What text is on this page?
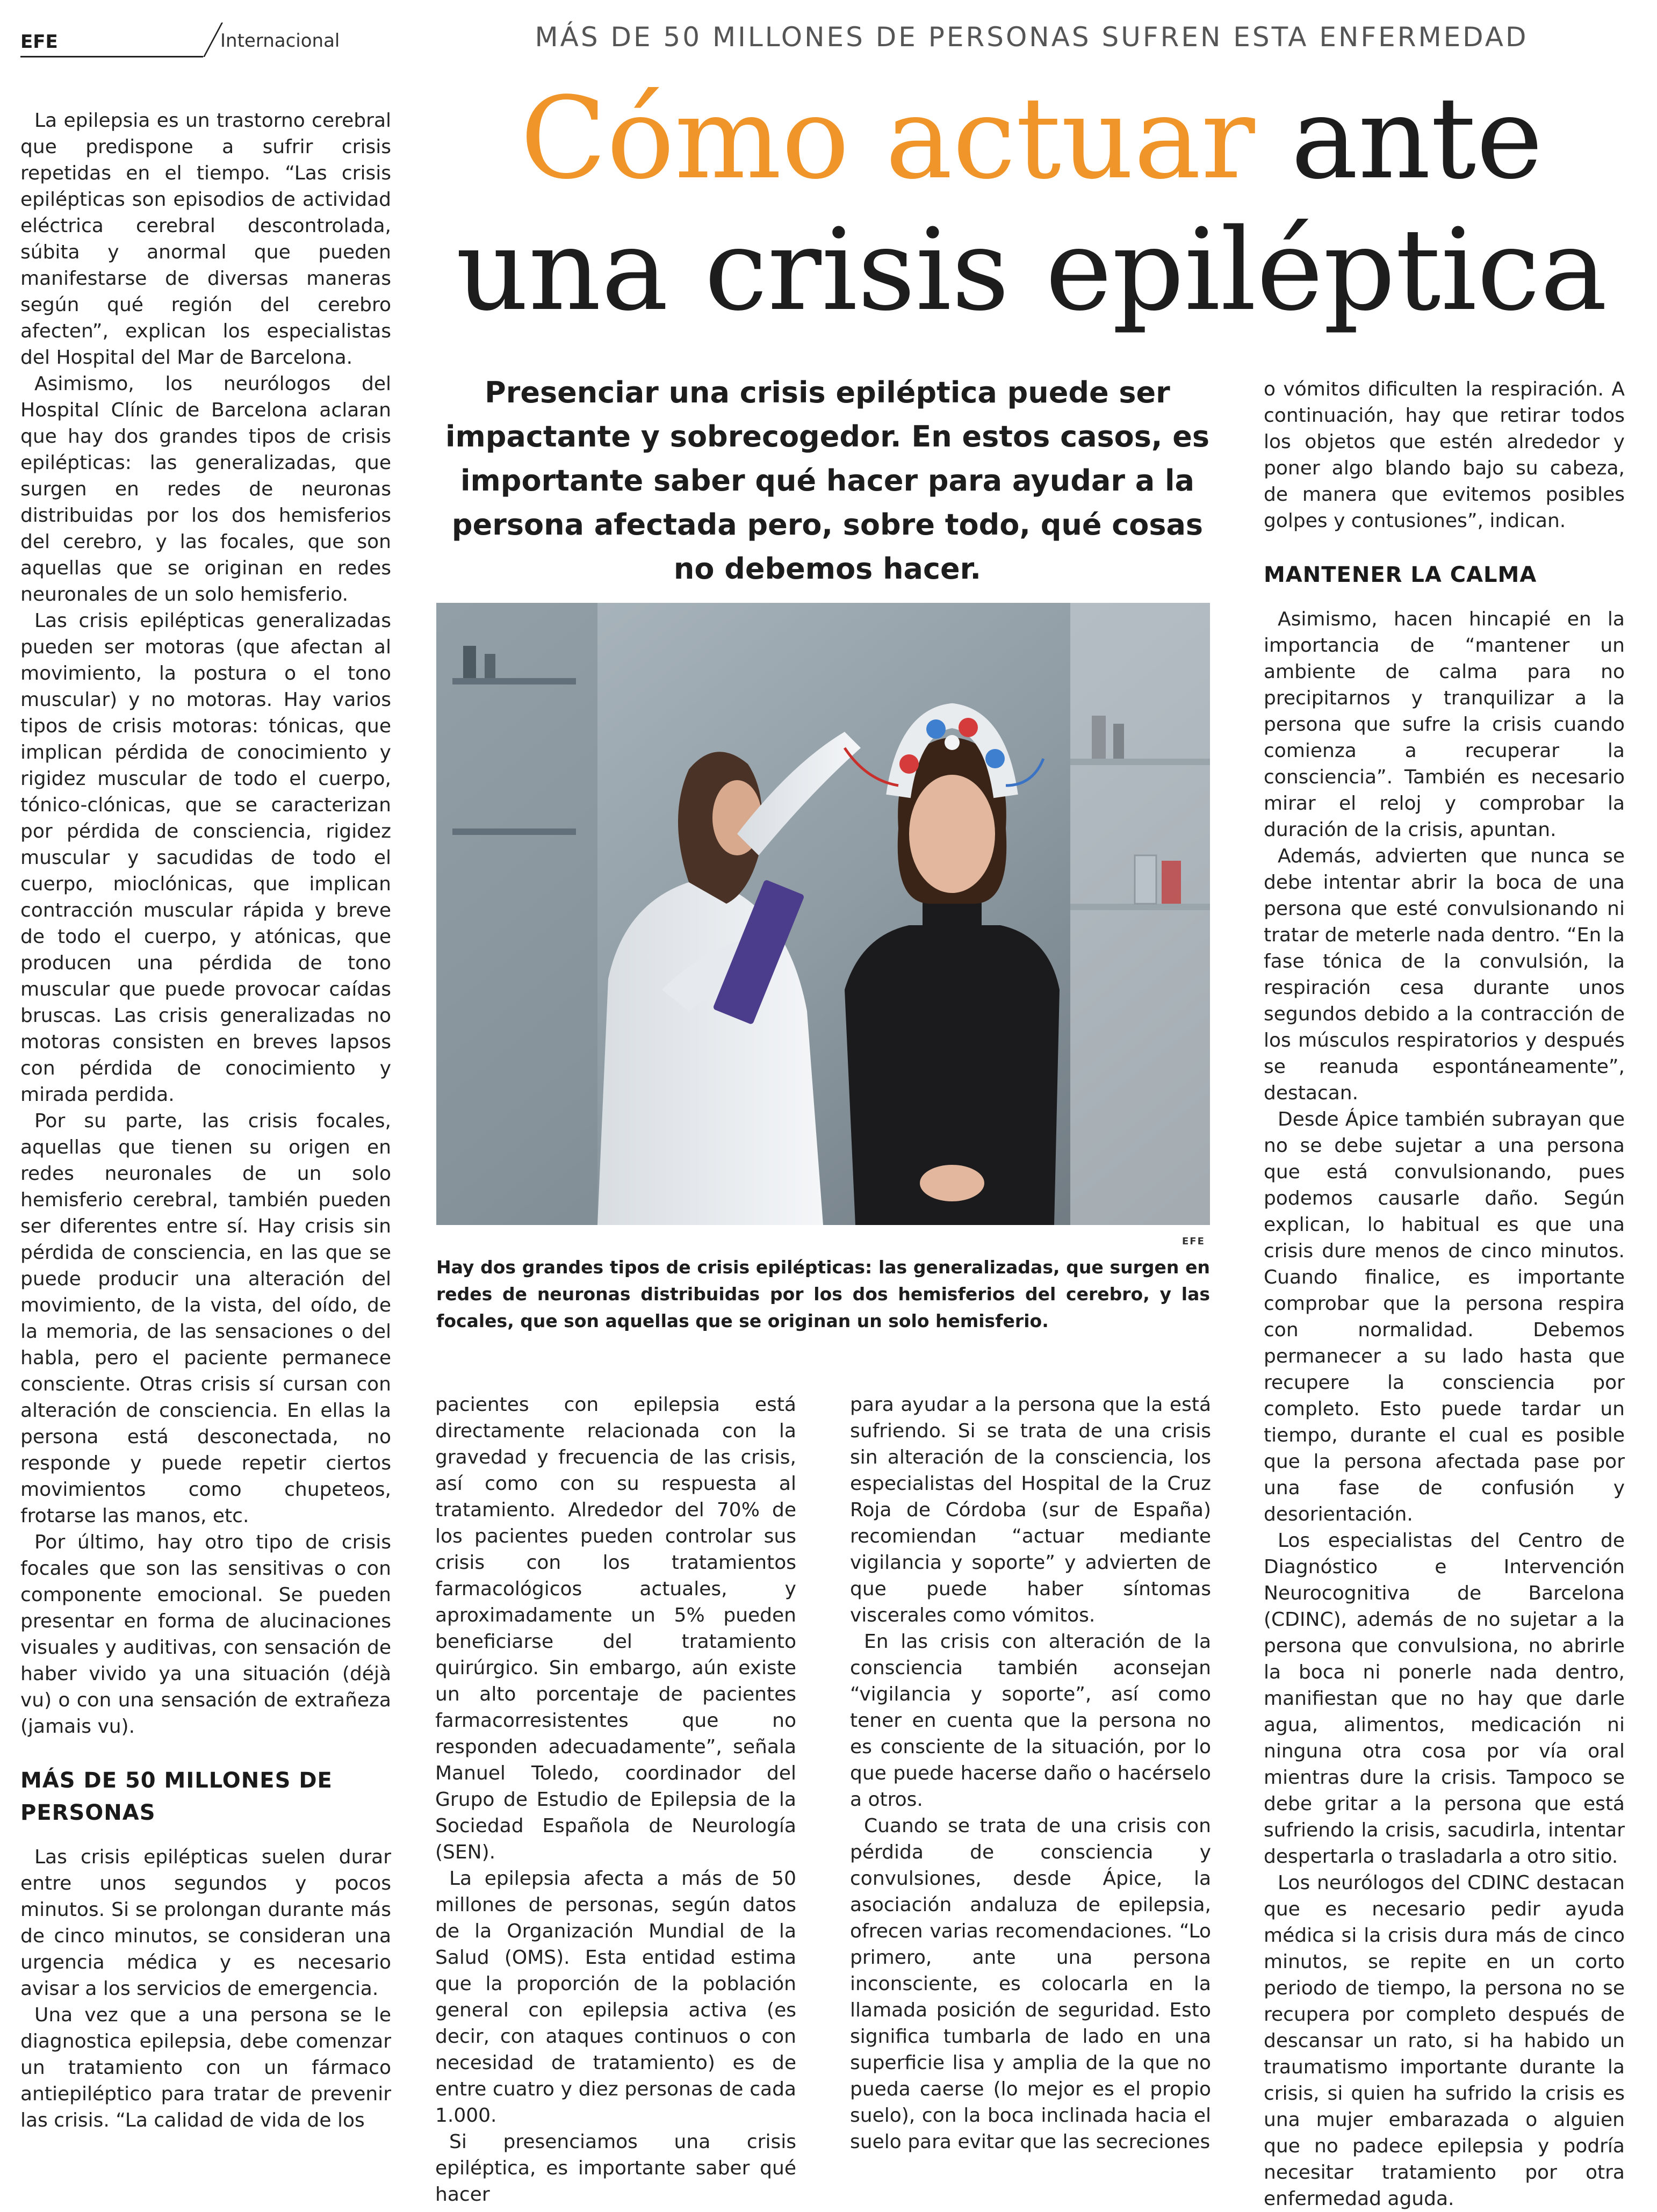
EFE	Internacional	MÁS DE 50 MILLONES DE PERSONAS SUFREN ESTA ENFERMEDAD
Cómo actuar ante una crisis epiléptica
Presenciar una crisis epiléptica puede ser impactante y sobrecogedor. En estos casos, es importante saber qué hacer para ayudar a la persona afectada pero, sobre todo, qué cosas no debemos hacer.
EFE
Hay dos grandes tipos de crisis epilépticas: las generalizadas, que surgen en redes de neuronas distribuidas por los dos hemisferios del cerebro, y las focales, que son aquellas que se originan un solo hemisferio.

La epilepsia es un trastorno cerebral que predispone a sufrir crisis repetidas en el tiempo. “Las crisis epilépticas son episodios de actividad eléctrica cerebral descontrolada, súbita y anormal que pueden manifestarse de diversas maneras según qué región del cerebro afecten”, explican los especialistas del Hospital del Mar de Barcelona.

Asimismo, los neurólogos del Hospital Clínic de Barcelona aclaran que hay dos grandes tipos de crisis epilépticas: las generalizadas, que surgen en redes de neuronas distribuidas por los dos hemisferios del cerebro, y las focales, que son aquellas que se originan en redes neuronales de un solo hemisferio.

Las crisis epilépticas generalizadas pueden ser motoras (que afectan al movimiento, la postura o el tono muscular) y no motoras. Hay varios tipos de crisis motoras: tónicas, que implican pérdida de conocimiento y rigidez muscular de todo el cuerpo, tónico-clónicas, que se caracterizan por pérdida de consciencia, rigidez muscular y sacudidas de todo el cuerpo, mioclónicas, que implican contracción muscular rápida y breve de todo el cuerpo, y atónicas, que producen una pérdida de tono muscular que puede provocar caídas bruscas. Las crisis generalizadas no motoras consisten en breves lapsos con pérdida de conocimiento y mirada perdida.

Por su parte, las crisis focales, aquellas que tienen su origen en redes neuronales de un solo hemisferio cerebral, también pueden ser diferentes entre sí. Hay crisis sin pérdida de consciencia, en las que se puede producir una alteración del movimiento, de la vista, del oído, de la memoria, de las sensaciones o del habla, pero el paciente permanece consciente. Otras crisis sí cursan con alteración de consciencia. En ellas la persona está desconectada, no responde y puede repetir ciertos movimientos como chupeteos, frotarse las manos, etc.

Por último, hay otro tipo de crisis focales que son las sensitivas o con componente emocional. Se pueden presentar en forma de alucinaciones visuales y auditivas, con sensación de haber vivido ya una situación (déjà vu) o con una sensación de extrañeza (jamais vu).

MÁS DE 50 MILLONES DE PERSONAS

Las crisis epilépticas suelen durar entre unos segundos y pocos minutos. Si se prolongan durante más de cinco minutos, se consideran una urgencia médica y es necesario avisar a los servicios de emergencia.

Una vez que a una persona se le diagnostica epilepsia, debe comenzar un tratamiento con un fármaco antiepiléptico para tratar de prevenir las crisis. “La calidad de vida de los

pacientes con epilepsia está directamente relacionada con la gravedad y frecuencia de las crisis, así como con su respuesta al tratamiento. Alrededor del 70% de los pacientes pueden controlar sus crisis con los tratamientos farmacológicos actuales, y aproximadamente un 5% pueden beneficiarse del tratamiento quirúrgico. Sin embargo, aún existe un alto porcentaje de pacientes farmacorresistentes que no responden adecuadamente”, señala Manuel Toledo, coordinador del Grupo de Estudio de Epilepsia de la Sociedad Española de Neurología (SEN).

La epilepsia afecta a más de 50 millones de personas, según datos de la Organización Mundial de la Salud (OMS). Esta entidad estima que la proporción de la población general con epilepsia activa (es decir, con ataques continuos o con necesidad de tratamiento) es de entre cuatro y diez personas de cada 1.000.

Si presenciamos una crisis epiléptica, es importante saber qué hacer

para ayudar a la persona que la está sufriendo. Si se trata de una crisis sin alteración de la consciencia, los especialistas del Hospital de la Cruz Roja de Córdoba (sur de España) recomiendan “actuar mediante vigilancia y soporte” y advierten de que puede haber síntomas viscerales como vómitos.

En las crisis con alteración de la consciencia también aconsejan “vigilancia y soporte”, así como tener en cuenta que la persona no es consciente de la situación, por lo que puede hacerse daño o hacérselo a otros.

Cuando se trata de una crisis con pérdida de consciencia y convulsiones, desde Ápice, la asociación andaluza de epilepsia, ofrecen varias recomendaciones. “Lo primero, ante una persona inconsciente, es colocarla en la llamada posición de seguridad. Esto significa tumbarla de lado en una superficie lisa y amplia de la que no pueda caerse (lo mejor es el propio suelo), con la boca inclinada hacia el suelo para evitar que las secreciones

o vómitos dificulten la respiración. A continuación, hay que retirar todos los objetos que estén alrededor y poner algo blando bajo su cabeza, de manera que evitemos posibles golpes y contusiones”, indican.

MANTENER LA CALMA

Asimismo, hacen hincapié en la importancia de “mantener un ambiente de calma para no precipitarnos y tranquilizar a la persona que sufre la crisis cuando comienza a recuperar la consciencia”. También es necesario mirar el reloj y comprobar la duración de la crisis, apuntan.

Además, advierten que nunca se debe intentar abrir la boca de una persona que esté convulsionando ni tratar de meterle nada dentro. “En la fase tónica de la convulsión, la respiración cesa durante unos segundos debido a la contracción de los músculos respiratorios y después se reanuda espontáneamente”, destacan.

Desde Ápice también subrayan que no se debe sujetar a una persona que está convulsionando, pues podemos causarle daño. Según explican, lo habitual es que una crisis dure menos de cinco minutos. Cuando finalice, es importante comprobar que la persona respira con normalidad. Debemos permanecer a su lado hasta que recupere la consciencia por completo. Esto puede tardar un tiempo, durante el cual es posible que la persona afectada pase por una fase de confusión y desorientación.

Los especialistas del Centro de Diagnóstico e Intervención Neurocognitiva de Barcelona (CDINC), además de no sujetar a la persona que convulsiona, no abrirle la boca ni ponerle nada dentro, manifiestan que no hay que darle agua, alimentos, medicación ni ninguna otra cosa por vía oral mientras dure la crisis. Tampoco se debe gritar a la persona que está sufriendo la crisis, sacudirla, intentar despertarla o trasladarla a otro sitio.

Los neurólogos del CDINC destacan que es necesario pedir ayuda médica si la crisis dura más de cinco minutos, se repite en un corto periodo de tiempo, la persona no se recupera por completo después de descansar un rato, si ha habido un traumatismo importante durante la crisis, si quien ha sufrido la crisis es una mujer embarazada o alguien que no padece epilepsia y podría necesitar tratamiento por otra enfermedad aguda.
